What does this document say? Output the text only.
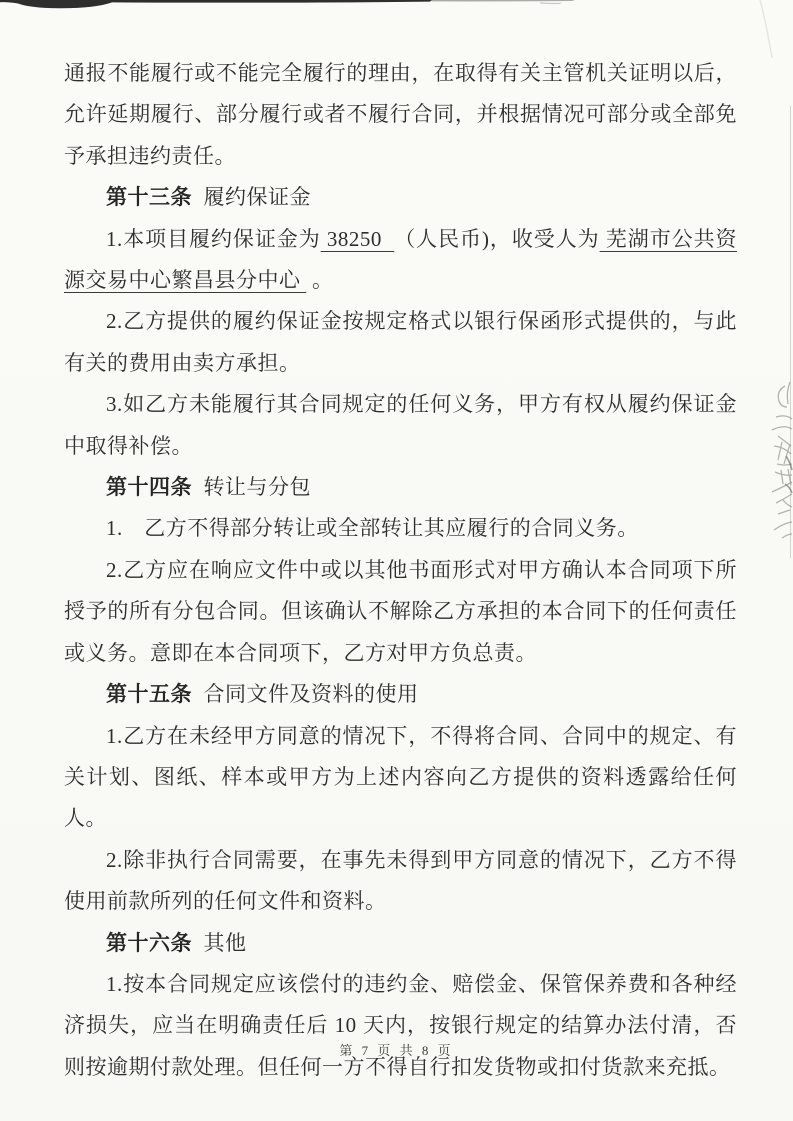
通报不能履行或不能完全履行的理由，在取得有关主管机关证明以后，允许延期履行、部分履行或者不履行合同，并根据情况可部分或全部免予承担违约责任。

第十三条 履约保证金

1.本项目履约保证金为 38250  （人民币)，收受人为 芜湖市公共资源交易中心繁昌县分中心  。

2.乙方提供的履约保证金按规定格式以银行保函形式提供的，与此有关的费用由卖方承担。

3.如乙方未能履行其合同规定的任何义务，甲方有权从履约保证金中取得补偿。

第十四条 转让与分包

1.　乙方不得部分转让或全部转让其应履行的合同义务。

2.乙方应在响应文件中或以其他书面形式对甲方确认本合同项下所授予的所有分包合同。但该确认不解除乙方承担的本合同下的任何责任或义务。意即在本合同项下，乙方对甲方负总责。

第十五条 合同文件及资料的使用

1.乙方在未经甲方同意的情况下，不得将合同、合同中的规定、有关计划、图纸、样本或甲方为上述内容向乙方提供的资料透露给任何人。

2.除非执行合同需要，在事先未得到甲方同意的情况下，乙方不得使用前款所列的任何文件和资料。

第十六条 其他

1.按本合同规定应该偿付的违约金、赔偿金、保管保养费和各种经济损失，应当在明确责任后 10 天内，按银行规定的结算办法付清，否则按逾期付款处理。但任何一方不得自行扣发货物或扣付货款来充抵。

第 7 页 共 8 页
